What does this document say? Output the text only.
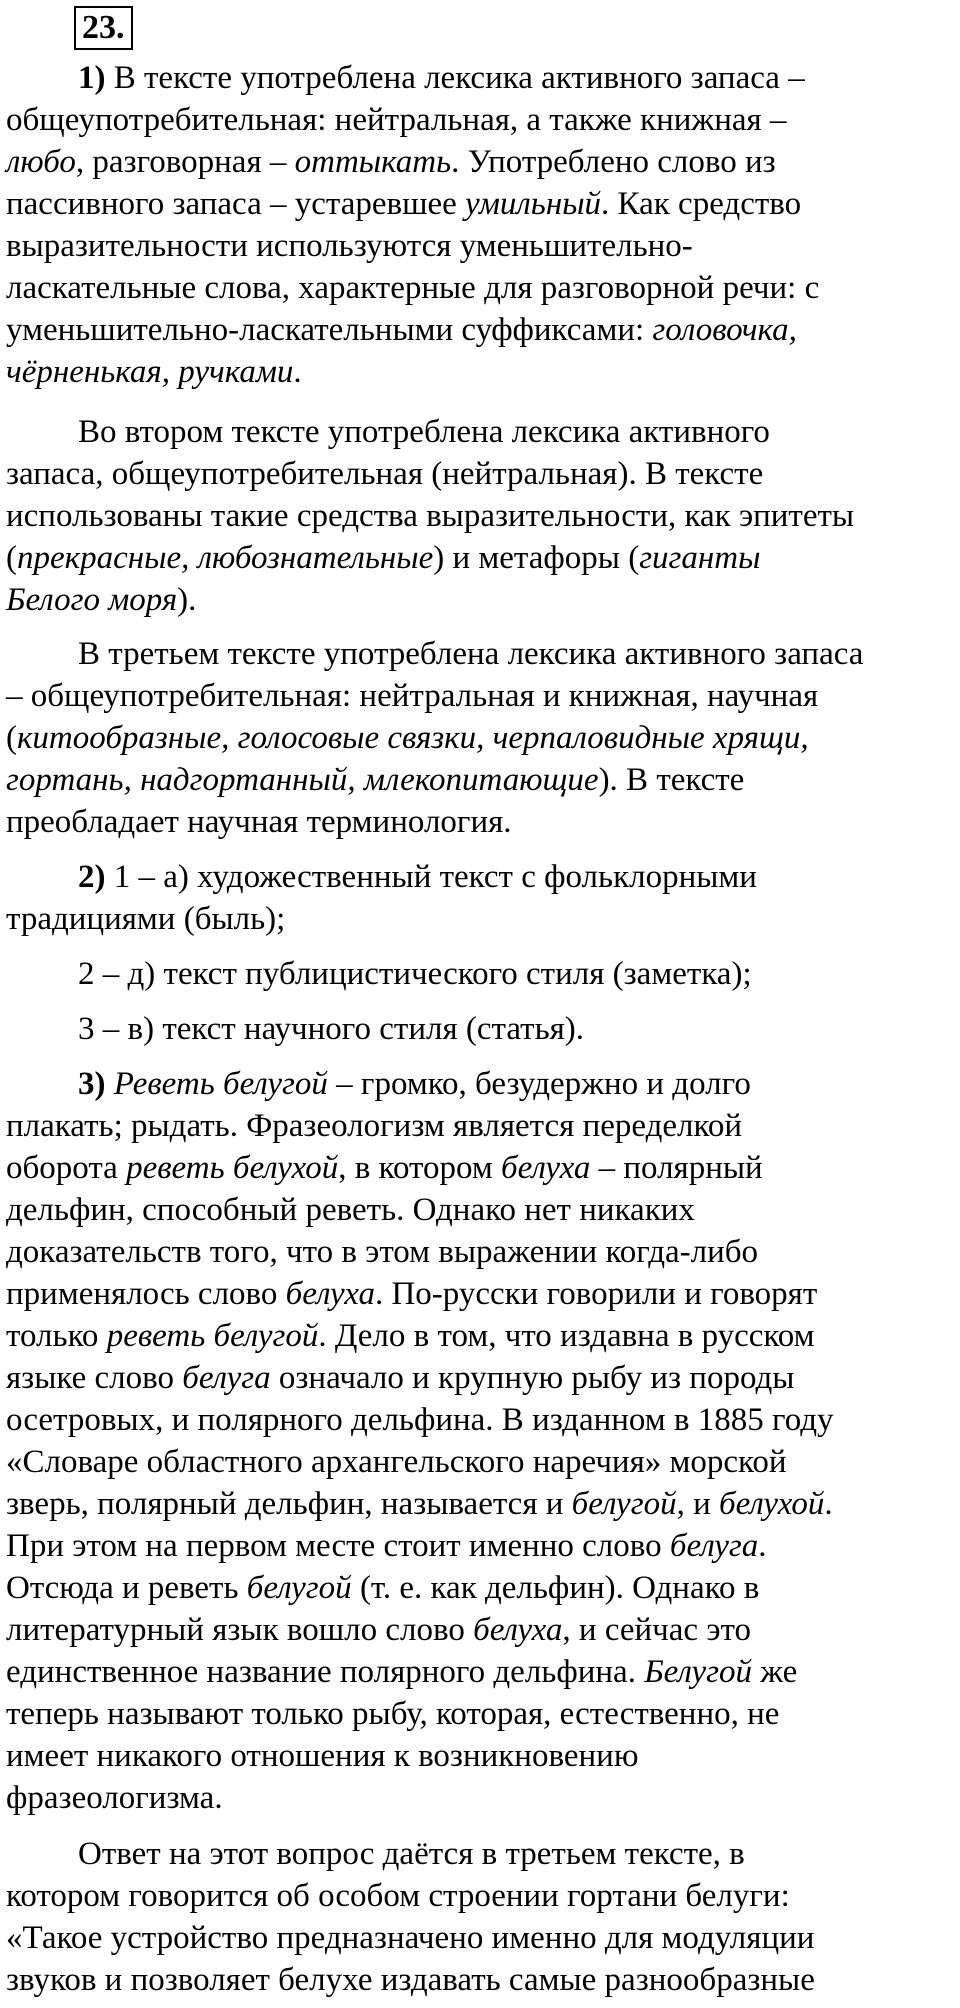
23.
1) В тексте употреблена лексика активного запаса –
общеупотребительная: нейтральная, а также книжная –
любо, разговорная – оттыкать. Употреблено слово из
пассивного запаса – устаревшее умильный. Как средство
выразительности используются уменьшительно-
ласкательные слова, характерные для разговорной речи: с
уменьшительно-ласкательными суффиксами: головочка,
чёрненькая, ручками.
Во втором тексте употреблена лексика активного
запаса, общеупотребительная (нейтральная). В тексте
использованы такие средства выразительности, как эпитеты
(прекрасные, любознательные) и метафоры (гиганты
Белого моря).
В третьем тексте употреблена лексика активного запаса
– общеупотребительная: нейтральная и книжная, научная
(китообразные, голосовые связки, черпаловидные хрящи,
гортань, надгортанный, млекопитающие). В тексте
преобладает научная терминология.
2) 1 – а) художественный текст с фольклорными
традициями (быль);
2 – д) текст публицистического стиля (заметка);
3 – в) текст научного стиля (статья).
3) Реветь белугой – громко, безудержно и долго
плакать; рыдать. Фразеологизм является переделкой
оборота реветь белухой, в котором белуха – полярный
дельфин, способный реветь. Однако нет никаких
доказательств того, что в этом выражении когда-либо
применялось слово белуха. По-русски говорили и говорят
только реветь белугой. Дело в том, что издавна в русском
языке слово белуга означало и крупную рыбу из породы
осетровых, и полярного дельфина. В изданном в 1885 году
«Словаре областного архангельского наречия» морской
зверь, полярный дельфин, называется и белугой, и белухой.
При этом на первом месте стоит именно слово белуга.
Отсюда и реветь белугой (т. е. как дельфин). Однако в
литературный язык вошло слово белуха, и сейчас это
единственное название полярного дельфина. Белугой же
теперь называют только рыбу, которая, естественно, не
имеет никакого отношения к возникновению
фразеологизма.
Ответ на этот вопрос даётся в третьем тексте, в
котором говорится об особом строении гортани белуги:
«Такое устройство предназначено именно для модуляции
звуков и позволяет белухе издавать самые разнообразные
